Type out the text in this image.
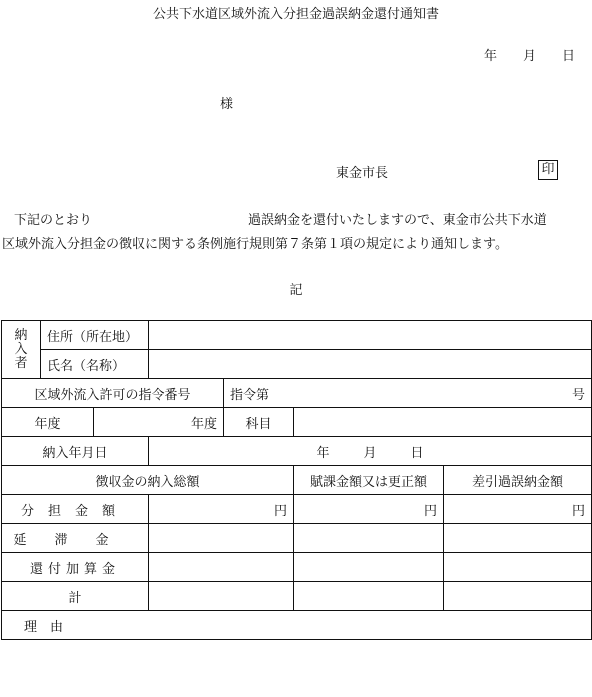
公共下水道区域外流入分担金過誤納金還付通知書
年 月 日
様
東金市長	印
下記のとおり	過誤納金を還付いたしますので、東金市公共下水道
区域外流入分担金の徴収に関する条例施行規則第７条第１項の規定により通知します。
記
納
入
者	住所（所在地）					
	氏名（名称）					
区域外流入許可の指令番号				指令第 号		

年度		年度		科目		
納入年月日			年 月 日			
徴収金の納入総額					賦課金額又は更正額	差引過誤納金額
分担金額			円		円	円
延滞金						
還付加算金						
計						
理　由						
